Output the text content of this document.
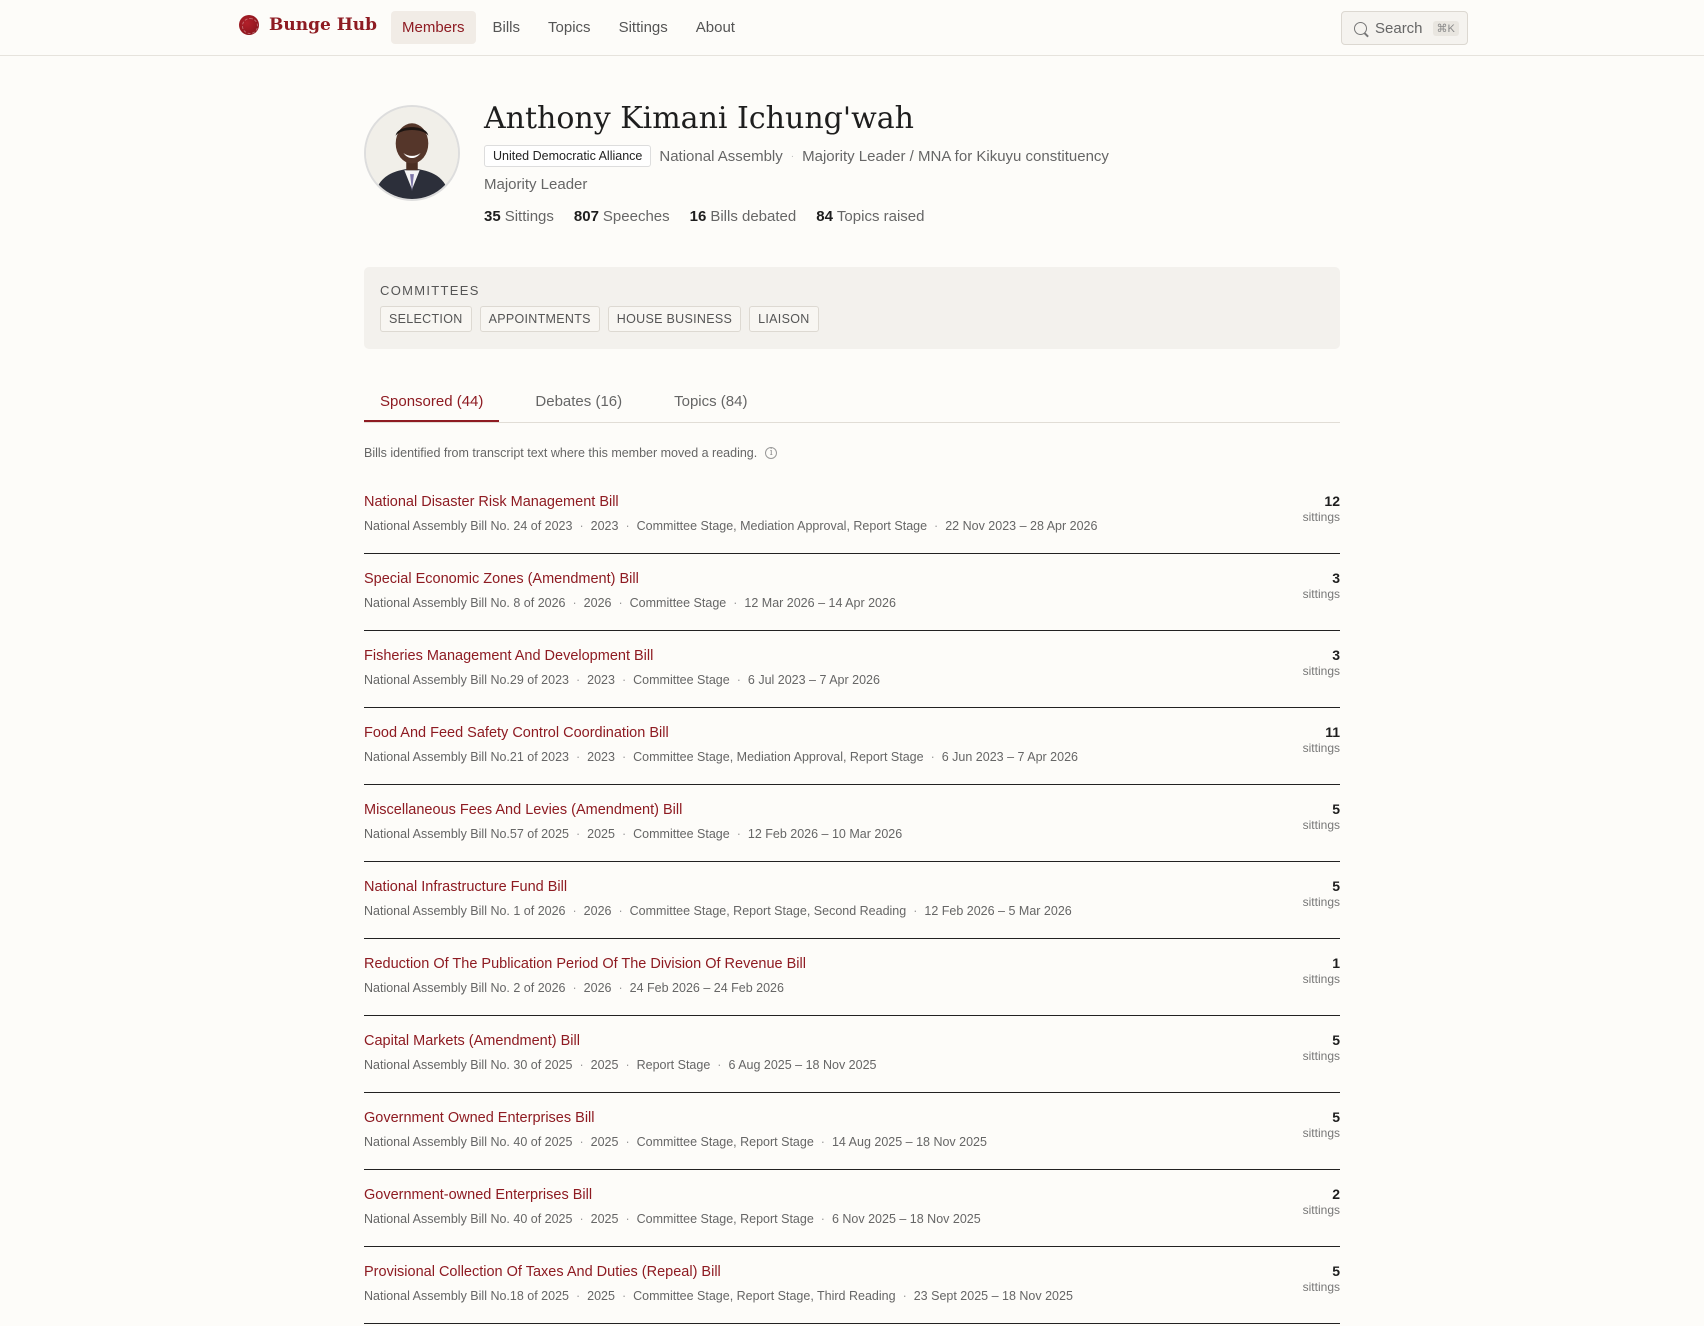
Bunge Hub	Members	Bills	Topics	Sittings	About	Search	⌘K
Anthony Kimani Ichung'wah
United Democratic Alliance	National Assembly · Majority Leader / MNA for Kikuyu constituency
Majority Leader
35 Sittings 807 Speeches 16 Bills debated 84 Topics raised
COMMITTEES
SELECTION	APPOINTMENTS	HOUSE BUSINESS	LIAISON
Sponsored (44)	Debates (16)	Topics (84)
Bills identified from transcript text where this member moved a reading.	i
National Disaster Risk Management Bill
National Assembly Bill No. 24 of 2023 · 2023 · Committee Stage, Mediation Approval, Report Stage · 22 Nov 2023 – 28 Apr 2026
12
sittings
Special Economic Zones (Amendment) Bill
National Assembly Bill No. 8 of 2026 · 2026 · Committee Stage · 12 Mar 2026 – 14 Apr 2026
3
sittings
Fisheries Management And Development Bill
National Assembly Bill No.29 of 2023 · 2023 · Committee Stage · 6 Jul 2023 – 7 Apr 2026
3
sittings
Food And Feed Safety Control Coordination Bill
National Assembly Bill No.21 of 2023 · 2023 · Committee Stage, Mediation Approval, Report Stage · 6 Jun 2023 – 7 Apr 2026
11
sittings
Miscellaneous Fees And Levies (Amendment) Bill
National Assembly Bill No.57 of 2025 · 2025 · Committee Stage · 12 Feb 2026 – 10 Mar 2026
5
sittings
National Infrastructure Fund Bill
National Assembly Bill No. 1 of 2026 · 2026 · Committee Stage, Report Stage, Second Reading · 12 Feb 2026 – 5 Mar 2026
5
sittings
Reduction Of The Publication Period Of The Division Of Revenue Bill
National Assembly Bill No. 2 of 2026 · 2026 · 24 Feb 2026 – 24 Feb 2026
1
sittings
Capital Markets (Amendment) Bill
National Assembly Bill No. 30 of 2025 · 2025 · Report Stage · 6 Aug 2025 – 18 Nov 2025
5
sittings
Government Owned Enterprises Bill
National Assembly Bill No. 40 of 2025 · 2025 · Committee Stage, Report Stage · 14 Aug 2025 – 18 Nov 2025
5
sittings
Government-owned Enterprises Bill
National Assembly Bill No. 40 of 2025 · 2025 · Committee Stage, Report Stage · 6 Nov 2025 – 18 Nov 2025
2
sittings
Provisional Collection Of Taxes And Duties (Repeal) Bill
National Assembly Bill No.18 of 2025 · 2025 · Committee Stage, Report Stage, Third Reading · 23 Sept 2025 – 18 Nov 2025
5
sittings
